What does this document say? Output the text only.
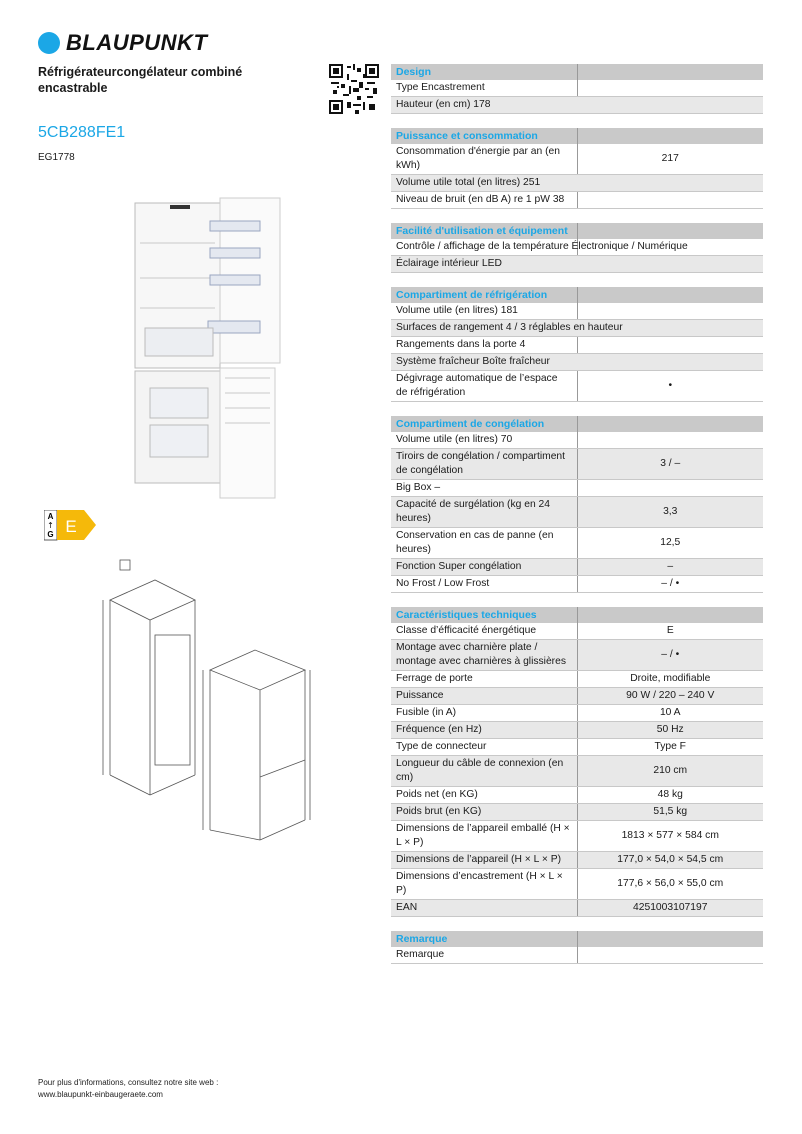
BLAUPUNKT
Réfrigérateurcongélateur combiné encastrable
5CB288FE1
EG1778
A
↑
G E
Design	
Type Encastrement
Hauteur (en cm) 178
Puissance et consommation	
Consommation d'énergie par an (en kWh)	217
Volume utile total (en litres) 251	
Niveau de bruit (en dB A) re 1 pW 38	
Facilité d'utilisation et équipement	
Contrôle / affichage de la température Électronique / Numérique
Éclairage intérieur LED
Compartiment de réfrigération	
Volume utile (en litres) 181	
Surfaces de rangement 4 / 3 réglables en hauteur	
Rangements dans la porte 4	
Système fraîcheur Boîte fraîcheur	
Dégivrage automatique de l’espace de réfrigération	•
Compartiment de congélation	
Volume utile (en litres) 70	
Tiroirs de congélation / compartiment de congélation	3 / –
Big Box –	
Capacité de surgélation (kg en 24 heures)	3,3
Conservation en cas de panne (en heures)	12,5
Fonction Super congélation	–
No Frost / Low Frost	– / •
Caractéristiques techniques	
Classe d’éfficacité énergétique	E
Montage avec charnière plate / montage avec charnières à glissières	– / •
Ferrage de porte	Droite, modifiable
Puissance	90 W / 220 – 240 V
Fusible (in A)	10 A
Fréquence (en Hz)	50 Hz
Type de connecteur	Type F
Longueur du câble de connexion (en cm)	210 cm
Poids net (en KG)	48 kg
Poids brut (en KG)	51,5 kg
Dimensions de l’appareil emballé (H × L × P)	1813 × 577 × 584 cm
Dimensions de l’appareil (H × L × P)	177,0 × 54,0 × 54,5 cm
Dimensions d’encastrement (H × L × P)	177,6 × 56,0 × 55,0 cm
EAN	4251003107197
Remarque	
Remarque
Pour plus d'informations, consultez notre site web :
www.blaupunkt-einbaugeraete.com
